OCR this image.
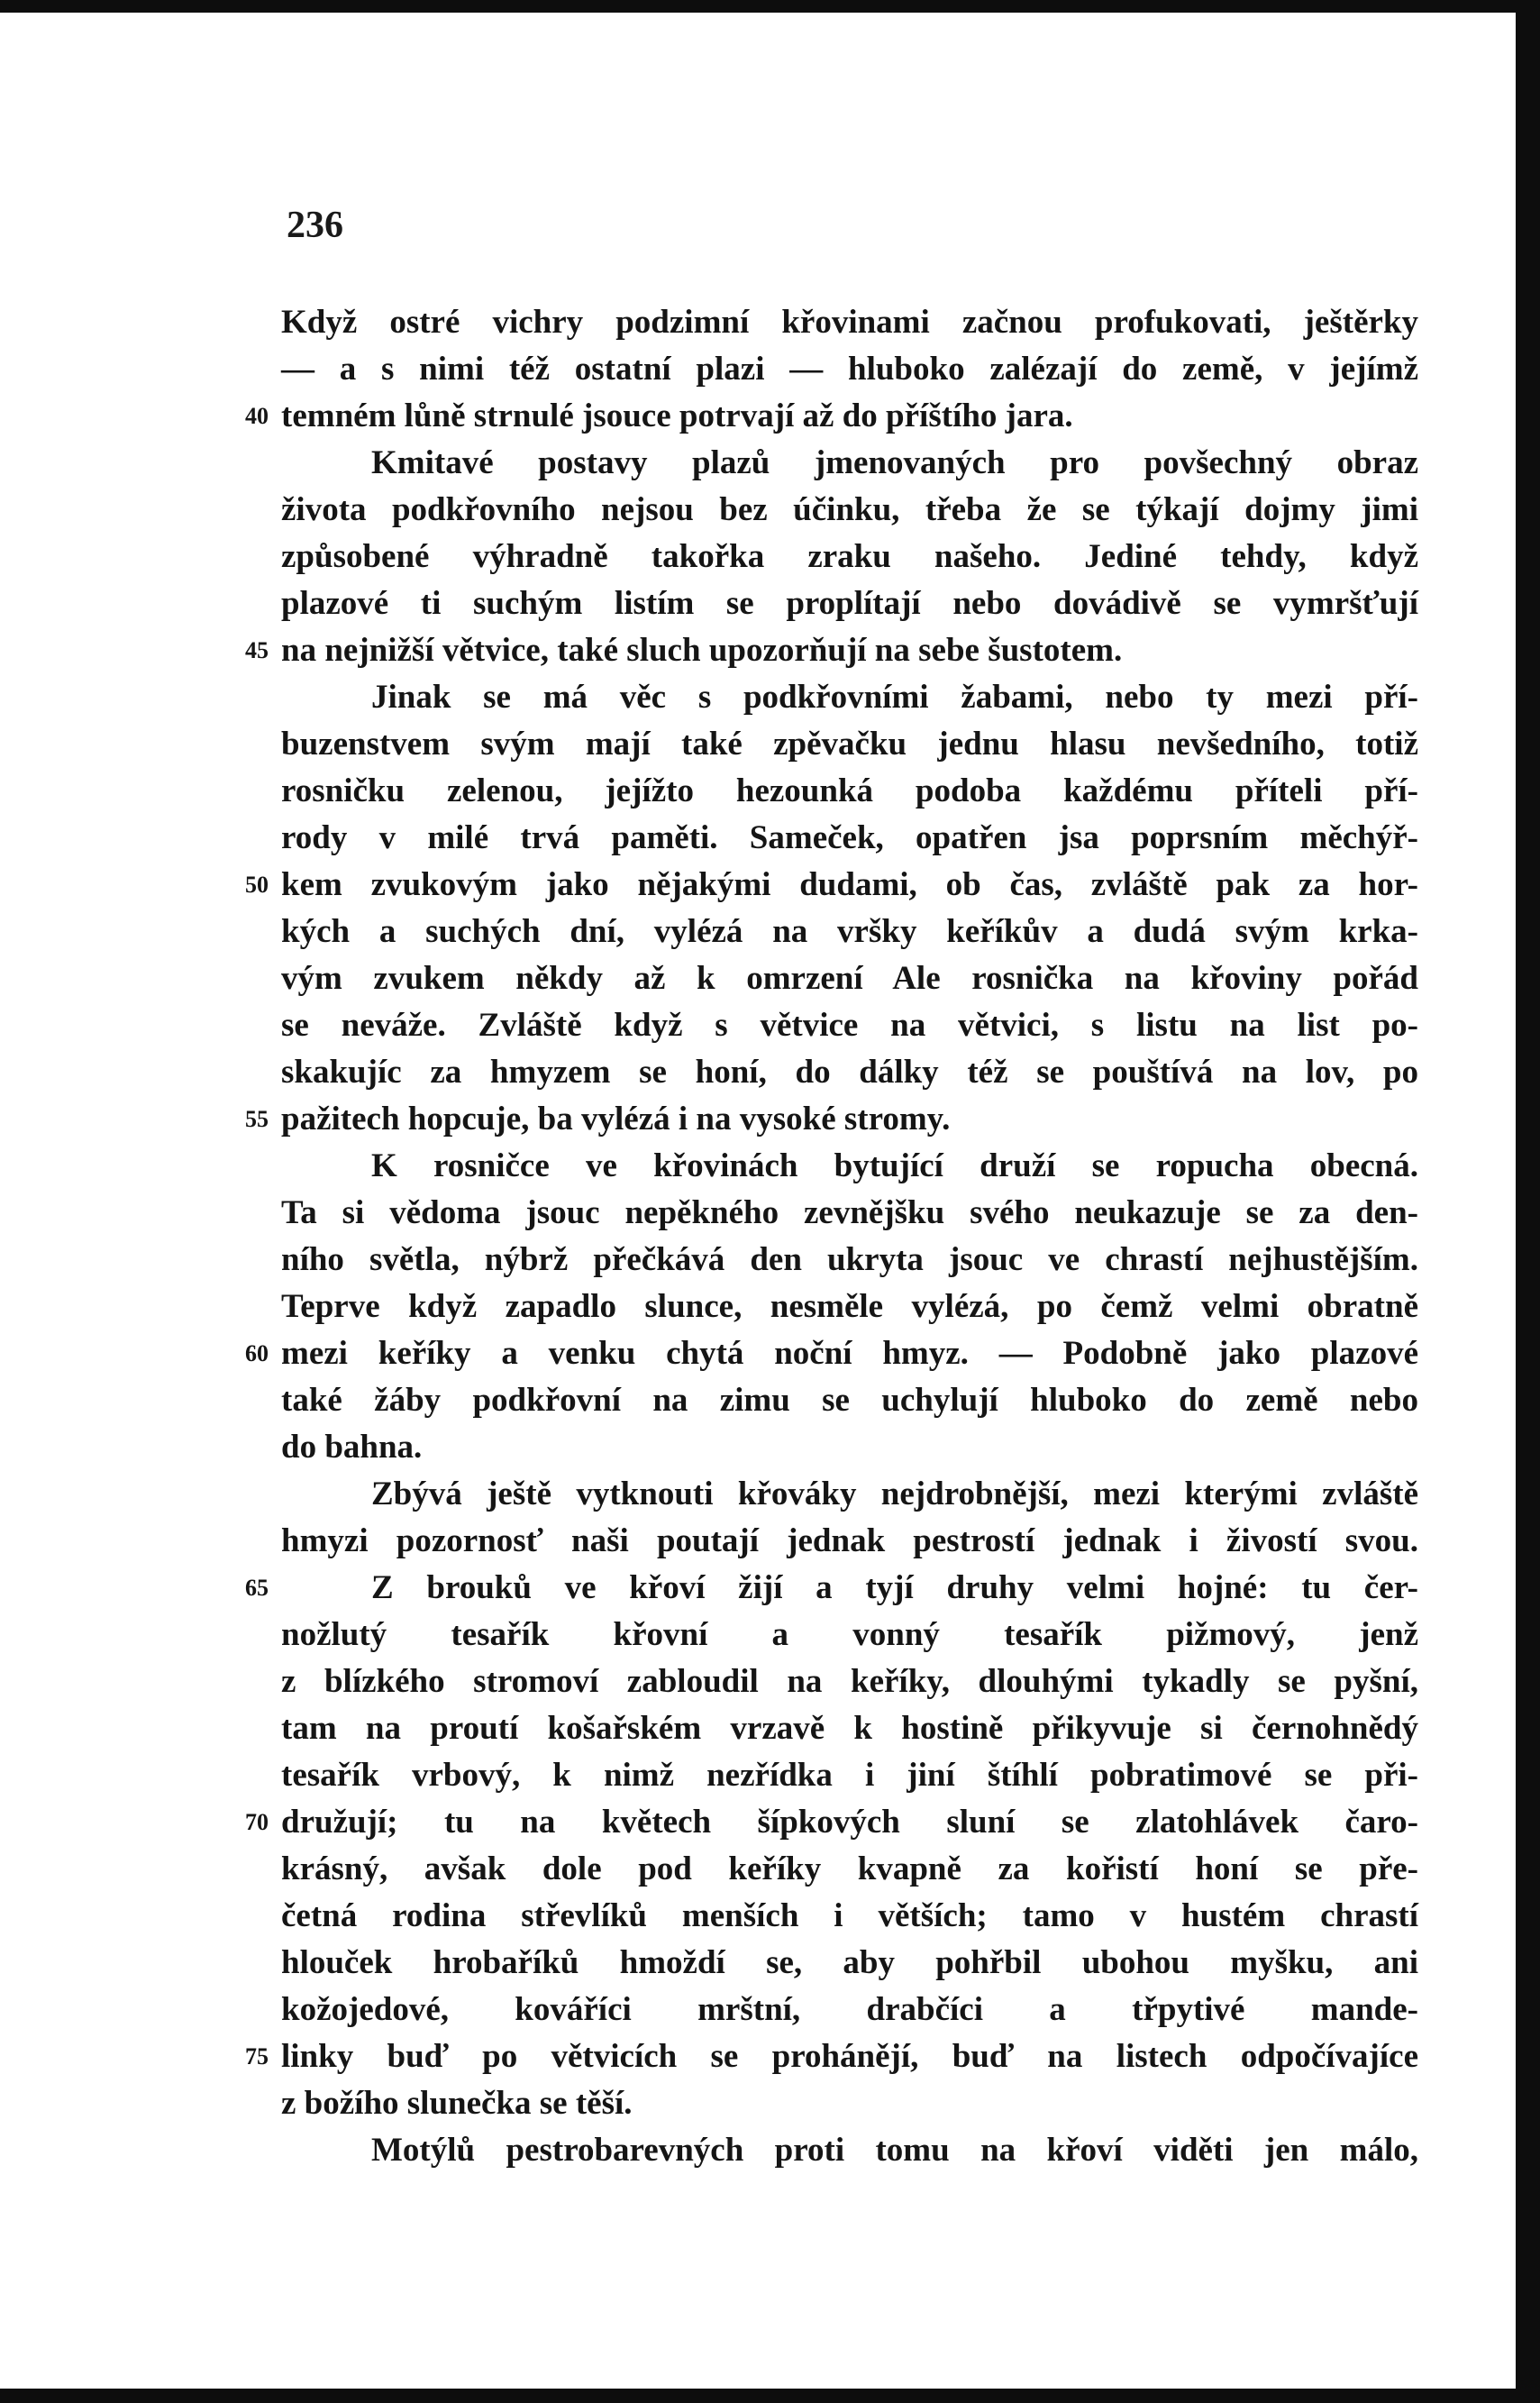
236
Když ostré vichry podzimní křovinami začnou profukovati, ještěrky
— a s nimi též ostatní plazi — hluboko zalézají do země, v jejímž
40 temném lůně strnulé jsouce potrvají až do příštího jara.
Kmitavé postavy plazů jmenovaných pro povšechný obraz
života podkřovního nejsou bez účinku, třeba že se týkají dojmy jimi
způsobené výhradně takořka zraku našeho. Jediné tehdy, když
plazové ti suchým listím se proplítají nebo dovádivě se vymršťují
45 na nejnižší větvice, také sluch upozorňují na sebe šustotem.
Jinak se má věc s podkřovními žabami, nebo ty mezi pří-
buzenstvem svým mají také zpěvačku jednu hlasu nevšedního, totiž
rosničku zelenou, jejížto hezounká podoba každému příteli pří-
rody v milé trvá paměti. Sameček, opatřen jsa poprsním měchýř-
50 kem zvukovým jako nějakými dudami, ob čas, zvláště pak za hor-
kých a suchých dní, vylézá na vršky keříkův a dudá svým krka-
vým zvukem někdy až k omrzení Ale rosnička na křoviny pořád
se neváže. Zvláště když s větvice na větvici, s listu na list po-
skakujíc za hmyzem se honí, do dálky též se pouštívá na lov, po
55 pažitech hopcuje, ba vylézá i na vysoké stromy.
K rosničce ve křovinách bytující druží se ropucha obecná.
Ta si vědoma jsouc nepěkného zevnějšku svého neukazuje se za den-
ního světla, nýbrž přečkává den ukryta jsouc ve chrastí nejhustějším.
Teprve když zapadlo slunce, nesměle vylézá, po čemž velmi obratně
60 mezi keříky a venku chytá noční hmyz. — Podobně jako plazové
také žáby podkřovní na zimu se uchylují hluboko do země nebo
do bahna.
Zbývá ještě vytknouti křováky nejdrobnější, mezi kterými zvláště
hmyzi pozornosť naši poutají jednak pestrostí jednak i živostí svou.
65	Z brouků ve křoví žijí a tyjí druhy velmi hojné: tu čer-
nožlutý tesařík křovní a vonný tesařík pižmový, jenž
z blízkého stromoví zabloudil na keříky, dlouhými tykadly se pyšní,
tam na proutí košařském vrzavě k hostině přikyvuje si černohnědý
tesařík vrbový, k nimž nezřídka i jiní štíhlí pobratimové se při-
70 družují; tu na květech šípkových sluní se zlatohlávek čaro-
krásný, avšak dole pod keříky kvapně za kořistí honí se pře-
četná rodina střevlíků menších i větších; tamo v hustém chrastí
hlouček hrobaříků hmoždí se, aby pohřbil ubohou myšku, ani
kožojedové, kováříci mrštní, drabčíci a třpytivé mande-
75 linky buď po větvicích se prohánějí, buď na listech odpočívajíce
z božího slunečka se těší.
Motýlů pestrobarevných proti tomu na křoví viděti jen málo,
